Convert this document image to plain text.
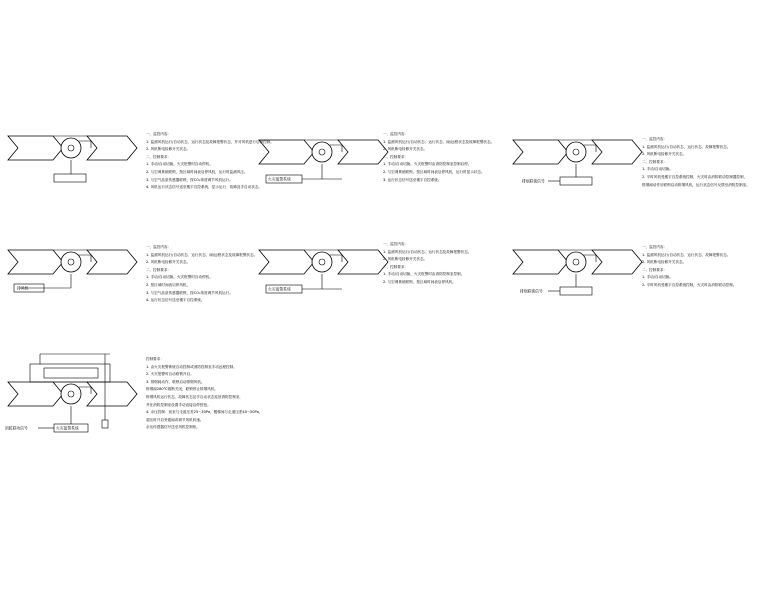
火灾报警系统	排烟联锁信号
排风机	火灾报警系统	排烟联锁信号
火灾报警系统
消防联动信号
一、监控内容：
1. 监测风机运行/自动状态、运行状态及故障报警状态，并对风机进行启停控制。
2. 风机断电检修开关状态。
二、控制要求：
1. 手动/自动切换，火灾报警时自动停机。
2. 与空调系统联锁，按区域时间表启停风机，运行时监测风压。
3. 与空气品质传感器联锁，按CO₂浓度调节风机运行。
4. 风机运行状态信号送至楼宇自控系统，显示运行、故障及手自动状态。
一、监控内容：
1. 监测风机运行/自动状态、运行状态、阀/远程状态及故障报警状态。
2. 风机断电检修开关状态。
二、控制要求：
1. 手动/自动切换，火灾报警时由消防控制室控制启停。
2. 与空调系统联锁，按区域时间表启停风机，运行时显示状态。
3. 运行状态信号送至楼宇自控系统。
一、监控内容：
1. 监测风机运行/自动状态、运行状态、故障报警状态。
2. 风机断电检修开关状态。
二、控制要求：
1. 手动/自动切换。
2. 平时风机受楼宇自控系统控制，火灾时由消防联动控制器控制，
排烟阀动作后联锁启动排烟风机，运行状态信号反馈至消防控制室。
一、监控内容：
1. 监测风机运行/自动状态、运行状态、阀/远程状态及故障报警状态。
2. 风机断电检修开关状态。
二、控制要求：
1. 手动/自动切换，火灾报警时自动停机。
2. 按区域时间表启停风机。
3. 与空气品质传感器联锁，按CO₂浓度调节风机运行。
4. 运行状态信号送至楼宇自控系统。
一、监控内容：
1. 监测风机运行/自动状态、运行状态及故障报警状态。
2. 风机断电检修开关状态。
二、控制要求：
1. 手动/自动切换，火灾报警时由消防控制室控制。
2. 与空调系统联锁，按区域时间表启停风机。
一、监控内容：
1. 监测风机运行/自动状态、运行状态、故障报警状态。
2. 风机断电检修开关状态。
二、控制要求：
1. 手动/自动切换。
2. 平时风机受楼宇自控系统控制，火灾时由消防联动控制。
控制要求：
1. 由火灾报警系统自动控制或消防控制室手动远程控制。
2. 火灾报警时自动联锁开启。
3. 排烟阀动作，联锁启动排烟风机。
排烟阀280℃熔断关闭，联锁停止排烟风机。
排烟风机运行状态、故障状态及手自动状态返回消防控制室，
并在消防控制室设置手动直接启停按钮。
4. 余压控制：前室与走道压差25~30Pa，楼梯间与走道压差40~50Pa，
超压时开启旁通阀或调节风机转速。
余压传感器信号送至风机控制柜。
